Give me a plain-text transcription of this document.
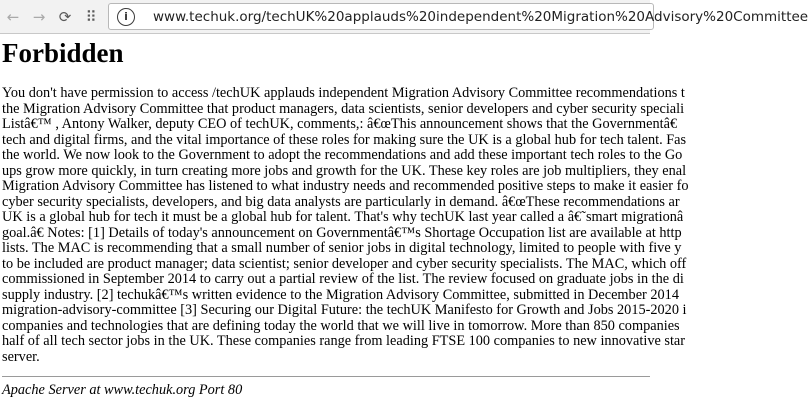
← → ⟳ ⠿	i	www.techuk.org/techUK%20applauds%20independent%20Migration%20Advisory%20Committee
Forbidden
You don't have permission to access /techUK applauds independent Migration Advisory Committee recommendations t
the Migration Advisory Committee that product managers, data scientists, senior developers and cyber security speciali
Listâ€™ , Antony Walker, deputy CEO of techUK, comments,: â€œThis announcement shows that the Governmentâ€
tech and digital firms, and the vital importance of these roles for making sure the UK is a global hub for tech talent. Fas
the world. We now look to the Government to adopt the recommendations and add these important tech roles to the Go
ups grow more quickly, in turn creating more jobs and growth for the UK. These key roles are job multipliers, they enal
Migration Advisory Committee has listened to what industry needs and recommended positive steps to make it easier fo
cyber security specialists, developers, and big data analysts are particularly in demand. â€œThese recommendations ar
UK is a global hub for tech it must be a global hub for talent. That's why techUK last year called a â€˜smart migrationâ
goal.â€ Notes: [1] Details of today's announcement on Governmentâ€™s Shortage Occupation list are available at http
lists. The MAC is recommending that a small number of senior jobs in digital technology, limited to people with five y
to be included are product manager; data scientist; senior developer and cyber security specialists. The MAC, which off
commissioned in September 2014 to carry out a partial review of the list. The review focused on graduate jobs in the di
supply industry. [2] techukâ€™s written evidence to the Migration Advisory Committee, submitted in December 2014
migration-advisory-committee [3] Securing our Digital Future: the techUK Manifesto for Growth and Jobs 2015-2020 i
companies and technologies that are defining today the world that we will live in tomorrow. More than 850 companies
half of all tech sector jobs in the UK. These companies range from leading FTSE 100 companies to new innovative star
server.
Apache Server at www.techuk.org Port 80
